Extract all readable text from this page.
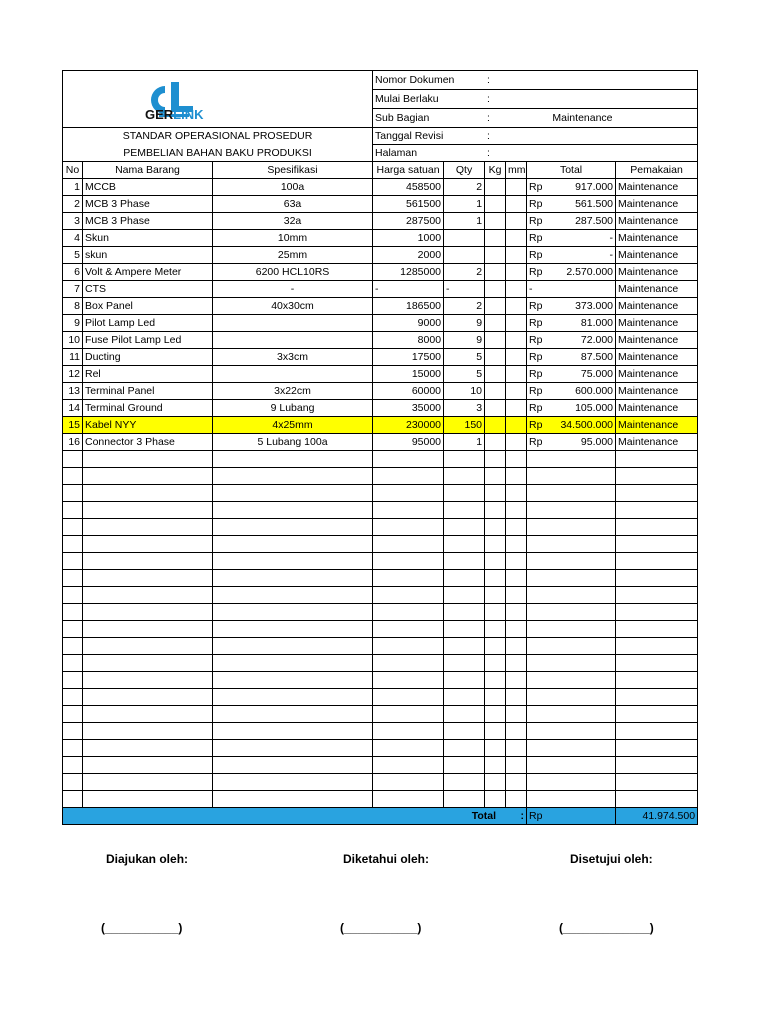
GERLINK			Nomor Dokumen :					
			Mulai Berlaku :					
			Sub Bagian : Maintenance					
STANDAR OPERASIONAL PROSEDUR			Tanggal Revisi :					
PEMBELIAN BAHAN BAKU PRODUKSI			Halaman :					
No	Nama Barang	Spesifikasi	Harga satuan	Qty	Kg	mm	Total	Pemakaian
1	MCCB	100a	458500	2			Rp 917.000	Maintenance
2	MCB 3 Phase	63a	561500	1			Rp 561.500	Maintenance
3	MCB 3 Phase	32a	287500	1			Rp 287.500	Maintenance
4	Skun	10mm	1000				Rp -	Maintenance
5	skun	25mm	2000				Rp -	Maintenance
6	Volt & Ampere Meter	6200 HCL10RS	1285000	2			Rp 2.570.000	Maintenance
7	CTS	-	-	-			-	Maintenance
8	Box Panel	40x30cm	186500	2			Rp 373.000	Maintenance
9	Pilot Lamp Led		9000	9			Rp 81.000	Maintenance
10	Fuse Pilot Lamp Led		8000	9			Rp 72.000	Maintenance
11	Ducting	3x3cm	17500	5			Rp 87.500	Maintenance
12	Rel		15000	5			Rp 75.000	Maintenance
13	Terminal Panel	3x22cm	60000	10			Rp 600.000	Maintenance
14	Terminal Ground	9 Lubang	35000	3			Rp 105.000	Maintenance
15	Kabel NYY	4x25mm	230000	150			Rp 34.500.000	Maintenance
16	Connector 3 Phase	5 Lubang 100a	95000	1			Rp 95.000	Maintenance

Total :							Rp	41.974.500
Diajukan oleh:	Diketahui oleh:	Disetujui oleh:
(___________)	(___________)	(_____________)
